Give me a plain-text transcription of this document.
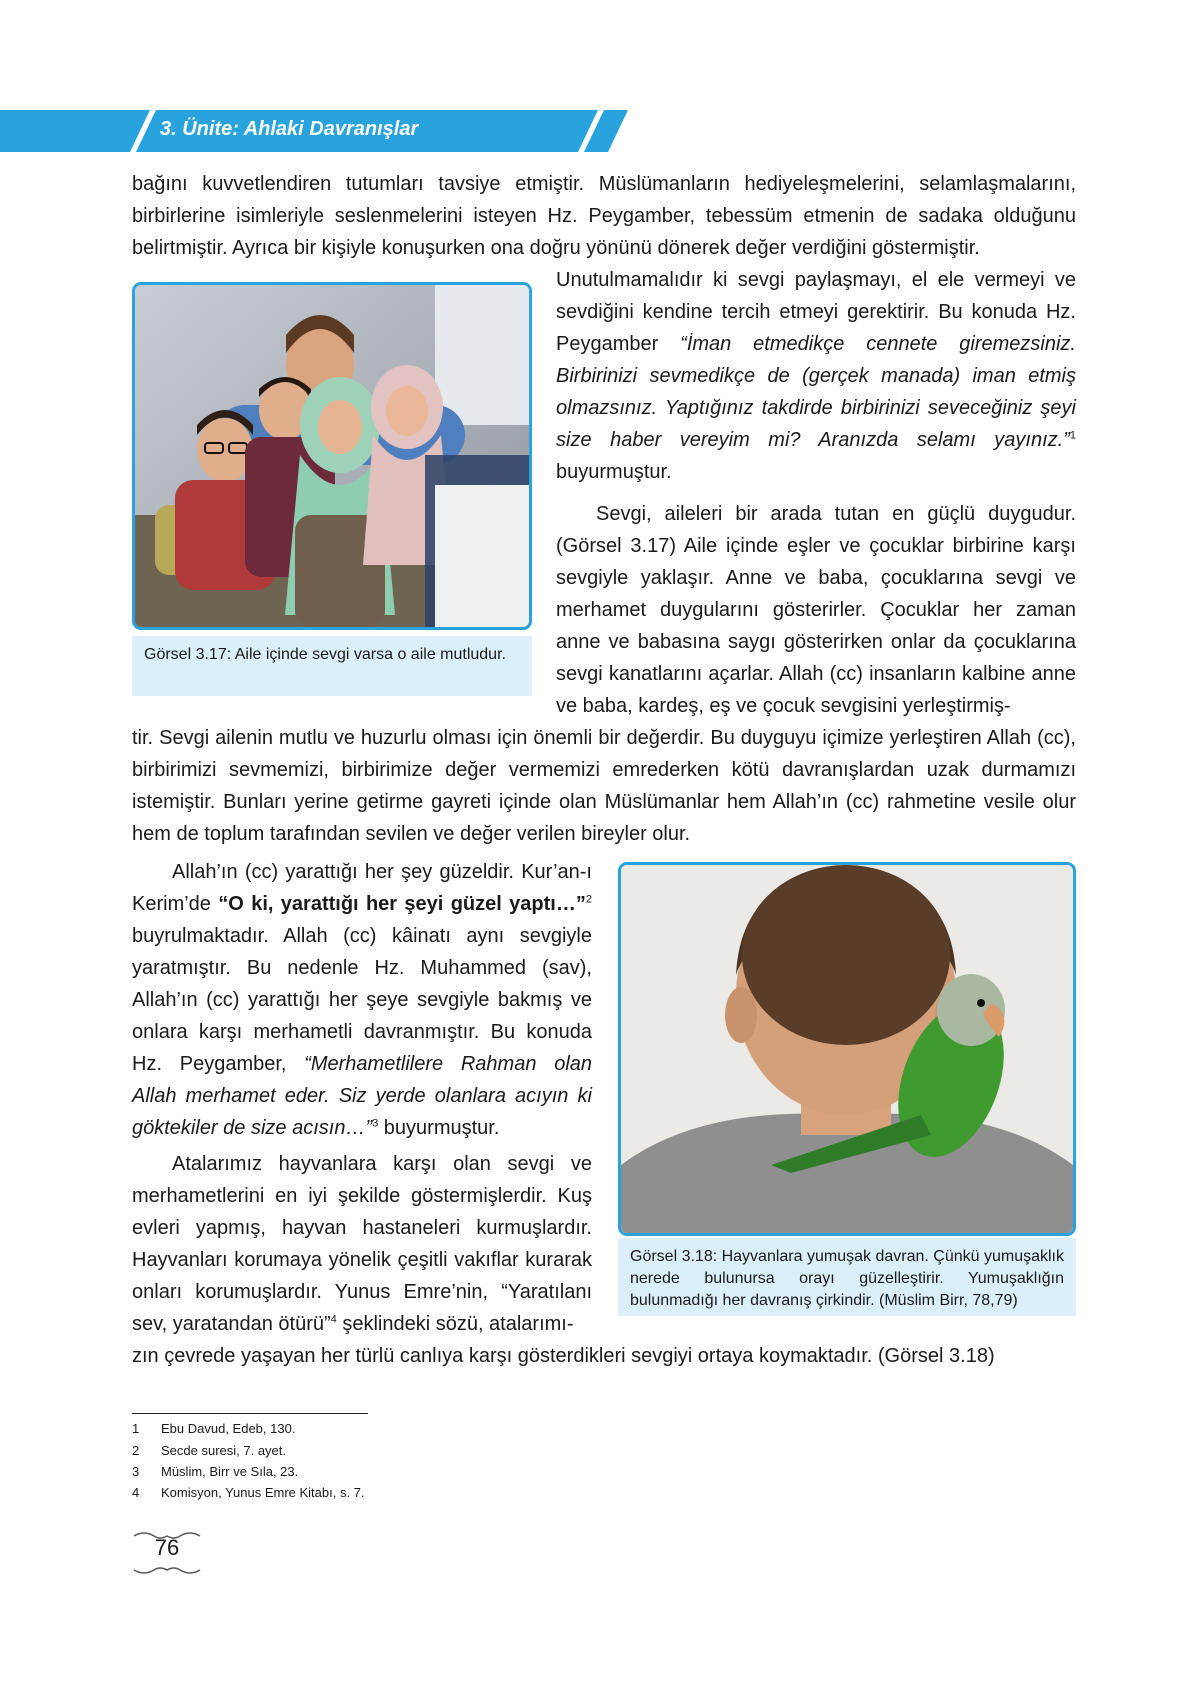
3. Ünite: Ahlaki Davranışlar

bağını kuvvetlendiren tutumları tavsiye etmiştir. Müslümanların hediyeleşmelerini, selamlaşmalarını, birbirlerine isimleriyle seslenmelerini isteyen Hz. Peygamber, tebessüm etmenin de sadaka olduğunu belirtmiştir. Ayrıca bir kişiyle konuşurken ona doğru yönünü dönerek değer verdiğini göstermiştir.

Görsel 3.17: Aile içinde sevgi varsa o aile mutludur.

Unutulmamalıdır ki sevgi paylaşmayı, el ele vermeyi ve sevdiğini kendine tercih etmeyi gerektirir. Bu konuda Hz. Peygamber “İman etmedikçe cennete giremezsiniz. Birbirinizi sevmedikçe de (gerçek manada) iman etmiş olmazsınız. Yaptığınız takdirde birbirinizi seveceğiniz şeyi size haber vereyim mi? Aranızda selamı yayınız.”$^1$ buyurmuştur.

Sevgi, aileleri bir arada tutan en güçlü duygudur. (Görsel 3.17) Aile içinde eşler ve çocuklar birbirine karşı sevgiyle yaklaşır. Anne ve baba, çocuklarına sevgi ve merhamet duygularını gösterirler. Çocuklar her zaman anne ve babasına saygı gösterirken onlar da çocuklarına sevgi kanatlarını açarlar. Allah (cc) insanların kalbine anne ve baba, kardeş, eş ve çocuk sevgisini yerleştirmiş-

tir. Sevgi ailenin mutlu ve huzurlu olması için önemli bir değerdir. Bu duyguyu içimize yerleştiren Allah (cc), birbirimizi sevmemizi, birbirimize değer vermemizi emrederken kötü davranışlardan uzak durmamızı istemiştir. Bunları yerine getirme gayreti içinde olan Müslümanlar hem Allah’ın (cc) rahmetine vesile olur hem de toplum tarafından sevilen ve değer verilen bireyler olur.

Görsel 3.18: Hayvanlara yumuşak davran. Çünkü yumuşaklık nerede bulunursa orayı güzelleştirir. Yumuşaklığın bulunmadığı her davranış çirkindir. (Müslim Birr, 78,79)

Allah’ın (cc) yarattığı her şey güzeldir. Kur’an-ı Kerim’de “O ki, yarattığı her şeyi güzel yaptı…”$^2$ buyrulmaktadır. Allah (cc) kâinatı aynı sevgiyle yaratmıştır. Bu nedenle Hz. Muhammed (sav), Allah’ın (cc) yarattığı her şeye sevgiyle bakmış ve onlara karşı merhametli davranmıştır. Bu konuda Hz. Peygamber, “Merhametlilere Rahman olan Allah merhamet eder. Siz yerde olanlara acıyın ki göktekiler de size acısın…”$^3$ buyurmuştur.

Atalarımız hayvanlara karşı olan sevgi ve merhametlerini en iyi şekilde göstermişlerdir. Kuş evleri yapmış, hayvan hastaneleri kurmuşlardır. Hayvanları korumaya yönelik çeşitli vakıflar kurarak onları korumuşlardır. Yunus Emre’nin, “Yaratılanı sev, yaratandan ötürü”$^4$ şeklindeki sözü, atalarımı-

zın çevrede yaşayan her türlü canlıya karşı gösterdikleri sevgiyi ortaya koymaktadır. (Görsel 3.18)

1 Ebu Davud, Edeb, 130.
2 Secde suresi, 7. ayet.
3 Müslim, Birr ve Sıla, 23.
4 Komisyon, Yunus Emre Kitabı, s. 7.
76
